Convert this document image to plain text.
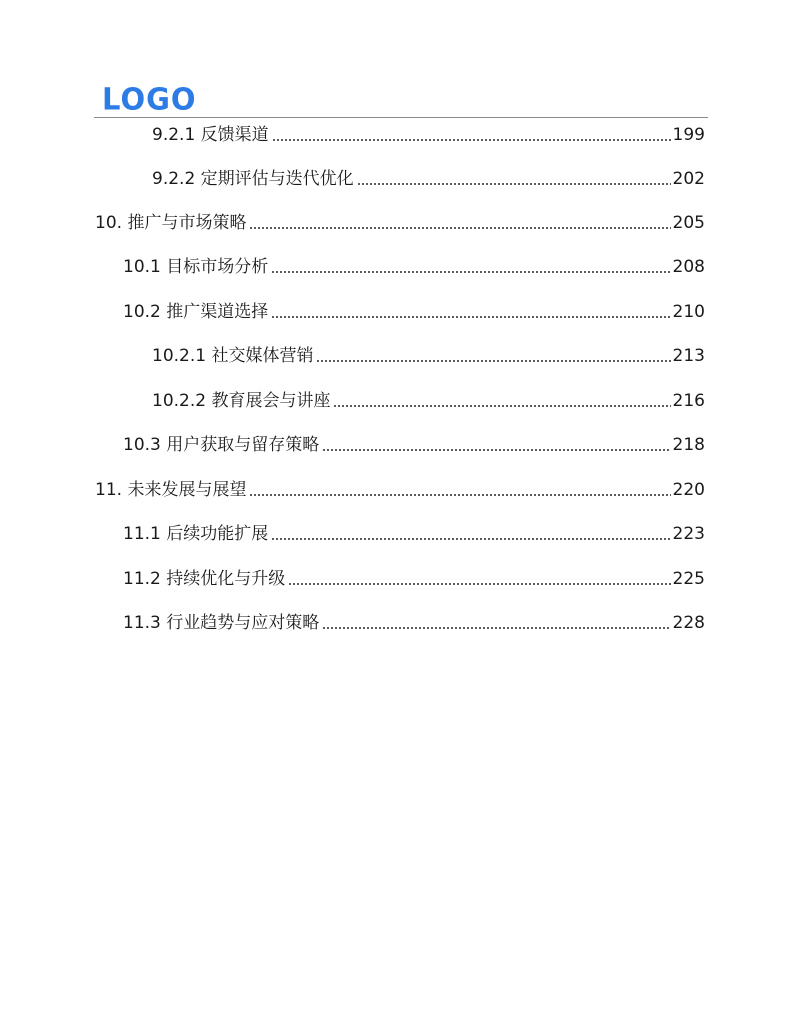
LOGO
9.2.1 反馈渠道	199
9.2.2 定期评估与迭代优化	202
10. 推广与市场策略	205
10.1 目标市场分析	208
10.2 推广渠道选择	210
10.2.1 社交媒体营销	213
10.2.2 教育展会与讲座	216
10.3 用户获取与留存策略	218
11. 未来发展与展望	220
11.1 后续功能扩展	223
11.2 持续优化与升级	225
11.3 行业趋势与应对策略	228
